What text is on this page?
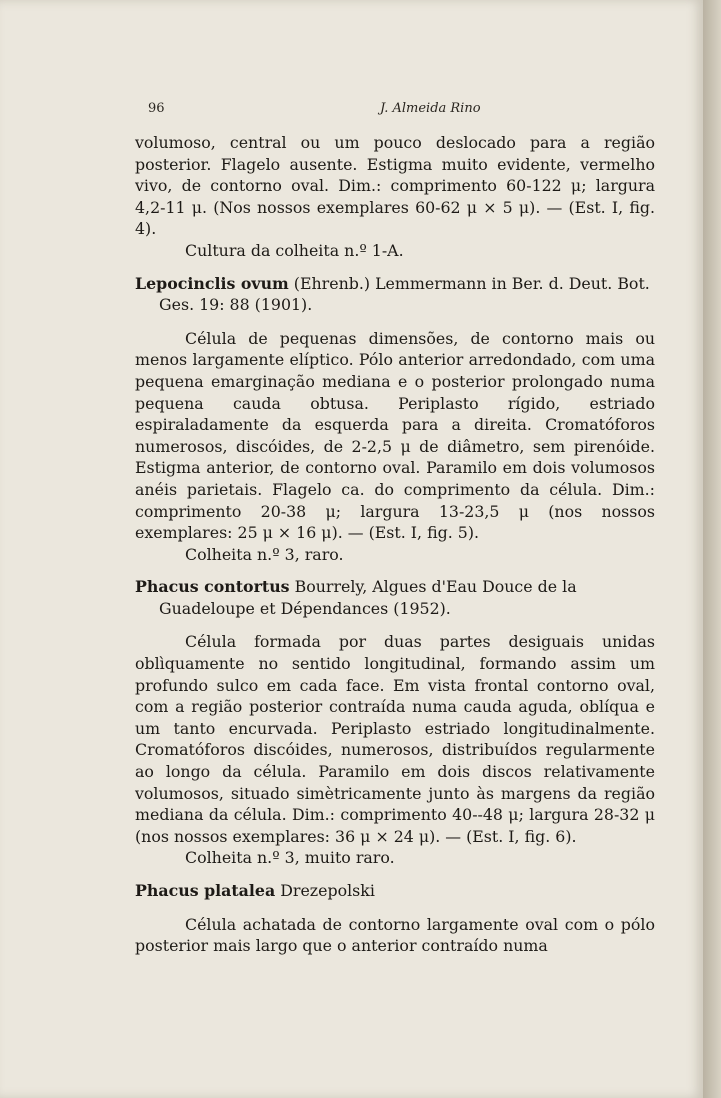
96	J. Almeida Rino

volumoso, central ou um pouco deslocado para a região posterior. Flagelo ausente. Estigma muito evidente, vermelho vivo, de contorno oval. Dim.: comprimento 60-122 μ; largura 4,2-11 μ. (Nos nossos exemplares 60-62 μ × 5 μ). — (Est. I, fig. 4).

Cultura da colheita n.º 1-A.

Lepocinclis ovum (Ehrenb.) Lemmermann in Ber. d. Deut. Bot. Ges. 19: 88 (1901).

Célula de pequenas dimensões, de contorno mais ou menos largamente elíptico. Pólo anterior arredondado, com uma pequena emarginação mediana e o posterior prolongado numa pequena cauda obtusa. Periplasto rígido, estriado espiraladamente da esquerda para a direita. Cromatóforos numerosos, discóides, de 2-2,5 μ de diâmetro, sem pirenóide. Estigma anterior, de contorno oval. Paramilo em dois volumosos anéis parietais. Flagelo ca. do comprimento da célula. Dim.: comprimento 20-38 μ; largura 13-23,5 μ (nos nossos exemplares: 25 μ × 16 μ). — (Est. I, fig. 5).

Colheita n.º 3, raro.

Phacus contortus Bourrely, Algues d'Eau Douce de la Guadeloupe et Dépendances (1952).

Célula formada por duas partes desiguais unidas oblìquamente no sentido longitudinal, formando assim um profundo sulco em cada face. Em vista frontal contorno oval, com a região posterior contraída numa cauda aguda, oblíqua e um tanto encurvada. Periplasto estriado longitudinalmente. Cromatóforos discóides, numerosos, distribuídos regularmente ao longo da célula. Paramilo em dois discos relativamente volumosos, situado simètricamente junto às margens da região mediana da célula. Dim.: comprimento 40--48 μ; largura 28-32 μ (nos nossos exemplares: 36 μ × 24 μ). — (Est. I, fig. 6).

Colheita n.º 3, muito raro.

Phacus platalea Drezepolski

Célula achatada de contorno largamente oval com o pólo posterior mais largo que o anterior contraído numa
